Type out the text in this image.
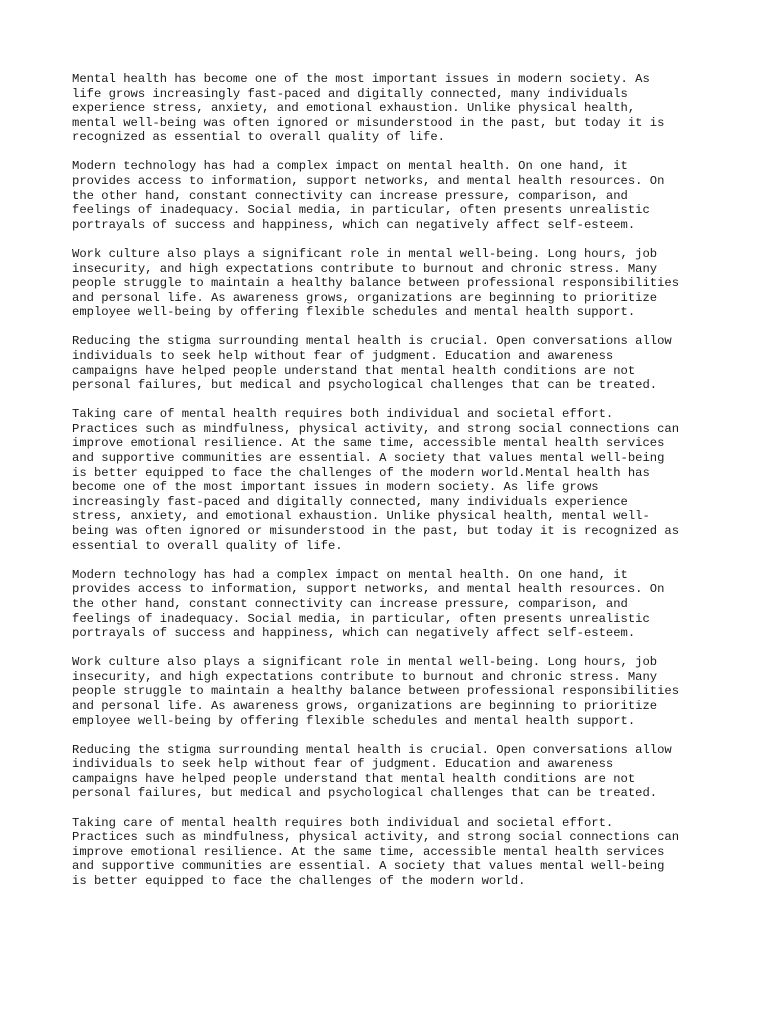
Mental health has become one of the most important issues in modern society. As
life grows increasingly fast-paced and digitally connected, many individuals
experience stress, anxiety, and emotional exhaustion. Unlike physical health,
mental well-being was often ignored or misunderstood in the past, but today it is
recognized as essential to overall quality of life.

Modern technology has had a complex impact on mental health. On one hand, it
provides access to information, support networks, and mental health resources. On
the other hand, constant connectivity can increase pressure, comparison, and
feelings of inadequacy. Social media, in particular, often presents unrealistic
portrayals of success and happiness, which can negatively affect self-esteem.

Work culture also plays a significant role in mental well-being. Long hours, job
insecurity, and high expectations contribute to burnout and chronic stress. Many
people struggle to maintain a healthy balance between professional responsibilities
and personal life. As awareness grows, organizations are beginning to prioritize
employee well-being by offering flexible schedules and mental health support.

Reducing the stigma surrounding mental health is crucial. Open conversations allow
individuals to seek help without fear of judgment. Education and awareness
campaigns have helped people understand that mental health conditions are not
personal failures, but medical and psychological challenges that can be treated.

Taking care of mental health requires both individual and societal effort.
Practices such as mindfulness, physical activity, and strong social connections can
improve emotional resilience. At the same time, accessible mental health services
and supportive communities are essential. A society that values mental well-being
is better equipped to face the challenges of the modern world.Mental health has
become one of the most important issues in modern society. As life grows
increasingly fast-paced and digitally connected, many individuals experience
stress, anxiety, and emotional exhaustion. Unlike physical health, mental well-
being was often ignored or misunderstood in the past, but today it is recognized as
essential to overall quality of life.

Modern technology has had a complex impact on mental health. On one hand, it
provides access to information, support networks, and mental health resources. On
the other hand, constant connectivity can increase pressure, comparison, and
feelings of inadequacy. Social media, in particular, often presents unrealistic
portrayals of success and happiness, which can negatively affect self-esteem.

Work culture also plays a significant role in mental well-being. Long hours, job
insecurity, and high expectations contribute to burnout and chronic stress. Many
people struggle to maintain a healthy balance between professional responsibilities
and personal life. As awareness grows, organizations are beginning to prioritize
employee well-being by offering flexible schedules and mental health support.

Reducing the stigma surrounding mental health is crucial. Open conversations allow
individuals to seek help without fear of judgment. Education and awareness
campaigns have helped people understand that mental health conditions are not
personal failures, but medical and psychological challenges that can be treated.

Taking care of mental health requires both individual and societal effort.
Practices such as mindfulness, physical activity, and strong social connections can
improve emotional resilience. At the same time, accessible mental health services
and supportive communities are essential. A society that values mental well-being
is better equipped to face the challenges of the modern world.
